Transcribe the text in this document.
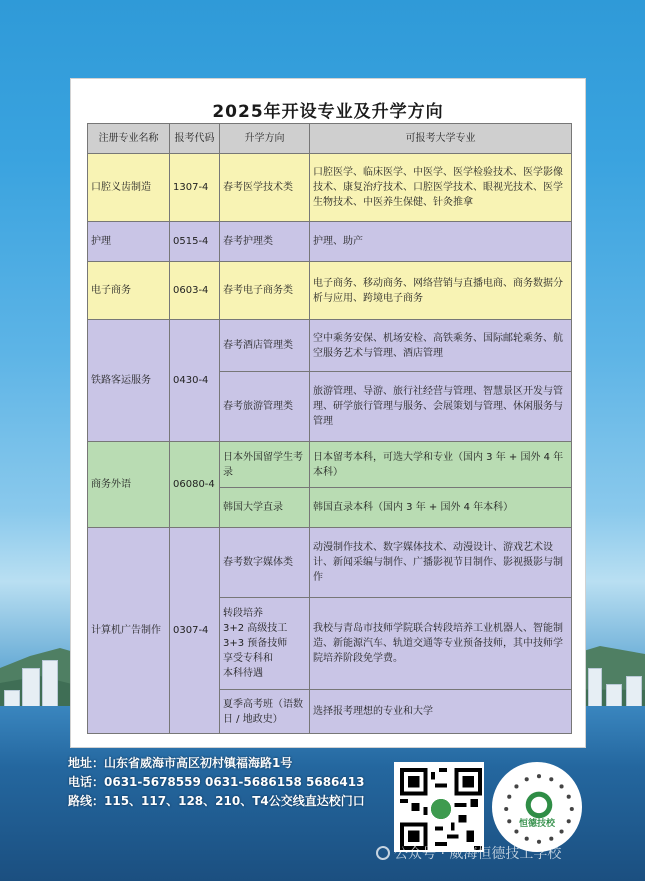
2025年开设专业及升学方向
注册专业名称	报考代码	升学方向	可报考大学专业
口腔义齿制造	1307-4	春考医学技术类	口腔医学、临床医学、中医学、医学检验技术、医学影像技术、康复治疗技术、口腔医学技术、眼视光技术、医学生物技术、中医养生保健、针灸推拿
护理	0515-4	春考护理类	护理、助产
电子商务	0603-4	春考电子商务类	电子商务、移动商务、网络营销与直播电商、商务数据分析与应用、跨境电子商务
铁路客运服务	0430-4	春考酒店管理类	空中乘务安保、机场安检、高铁乘务、国际邮轮乘务、航空服务艺术与管理、酒店管理
		春考旅游管理类	旅游管理、导游、旅行社经营与管理、智慧景区开发与管理、研学旅行管理与服务、会展策划与管理、休闲服务与管理
商务外语	06080-4	日本外国留学生考录	日本留考本科，可选大学和专业（国内 3 年 + 国外 4 年本科）
		韩国大学直录	韩国直录本科（国内 3 年 + 国外 4 年本科）
计算机广告制作	0307-4	春考数字媒体类	动漫制作技术、数字媒体技术、动漫设计、游戏艺术设计、新闻采编与制作、广播影视节目制作、影视摄影与制作
		转段培养
3+2 高级技工
3+3 预备技师
享受专科和
本科待遇	我校与青岛市技师学院联合转段培养工业机器人、智能制造、新能源汽车、轨道交通等专业预备技师，其中技师学院培养阶段免学费。
		夏季高考班（语数日 / 地政史）	选择报考理想的专业和大学
地址：山东省威海市高区初村镇福海路1号
电话：0631-5678559 0631-5686158 5686413
路线：115、117、128、210、T4公交线直达校门口
恒德技校
公众号 · 威海恒德技工学校
